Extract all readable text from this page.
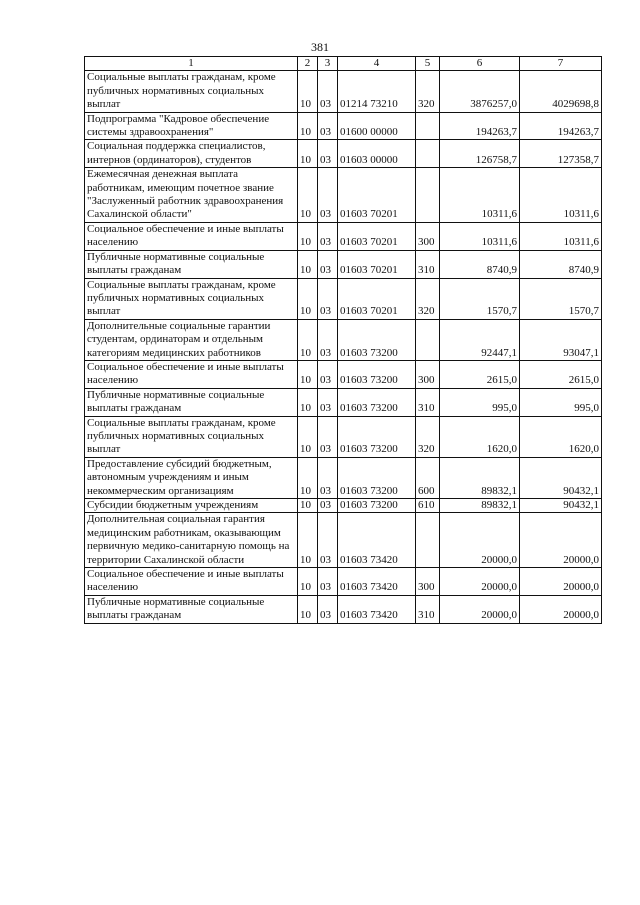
381
1	2	3	4	5	6	7
Социальные выплаты гражданам, кроме публичных нормативных социальных выплат	10	03	01214 73210	320	3876257,0	4029698,8
Подпрограмма "Кадровое обеспечение системы здравоохранения"	10	03	01600 00000		194263,7	194263,7
Социальная поддержка специалистов, интернов (ординаторов), студентов	10	03	01603 00000		126758,7	127358,7
Ежемесячная денежная выплата работникам, имеющим почетное звание "Заслуженный работник здравоохранения Сахалинской области"	10	03	01603 70201		10311,6	10311,6
Социальное обеспечение и иные выплаты населению	10	03	01603 70201	300	10311,6	10311,6
Публичные нормативные социальные выплаты гражданам	10	03	01603 70201	310	8740,9	8740,9
Социальные выплаты гражданам, кроме публичных нормативных социальных выплат	10	03	01603 70201	320	1570,7	1570,7
Дополнительные социальные гарантии студентам, ординаторам и отдельным категориям медицинских работников	10	03	01603 73200		92447,1	93047,1
Социальное обеспечение и иные выплаты населению	10	03	01603 73200	300	2615,0	2615,0
Публичные нормативные социальные выплаты гражданам	10	03	01603 73200	310	995,0	995,0
Социальные выплаты гражданам, кроме публичных нормативных социальных выплат	10	03	01603 73200	320	1620,0	1620,0
Предоставление субсидий бюджетным, автономным учреждениям и иным некоммерческим организациям	10	03	01603 73200	600	89832,1	90432,1
Субсидии бюджетным учреждениям	10	03	01603 73200	610	89832,1	90432,1
Дополнительная социальная гарантия медицинским работникам, оказывающим первичную медико-санитарную помощь на территории Сахалинской области	10	03	01603 73420		20000,0	20000,0
Социальное обеспечение и иные выплаты населению	10	03	01603 73420	300	20000,0	20000,0
Публичные нормативные социальные выплаты гражданам	10	03	01603 73420	310	20000,0	20000,0
